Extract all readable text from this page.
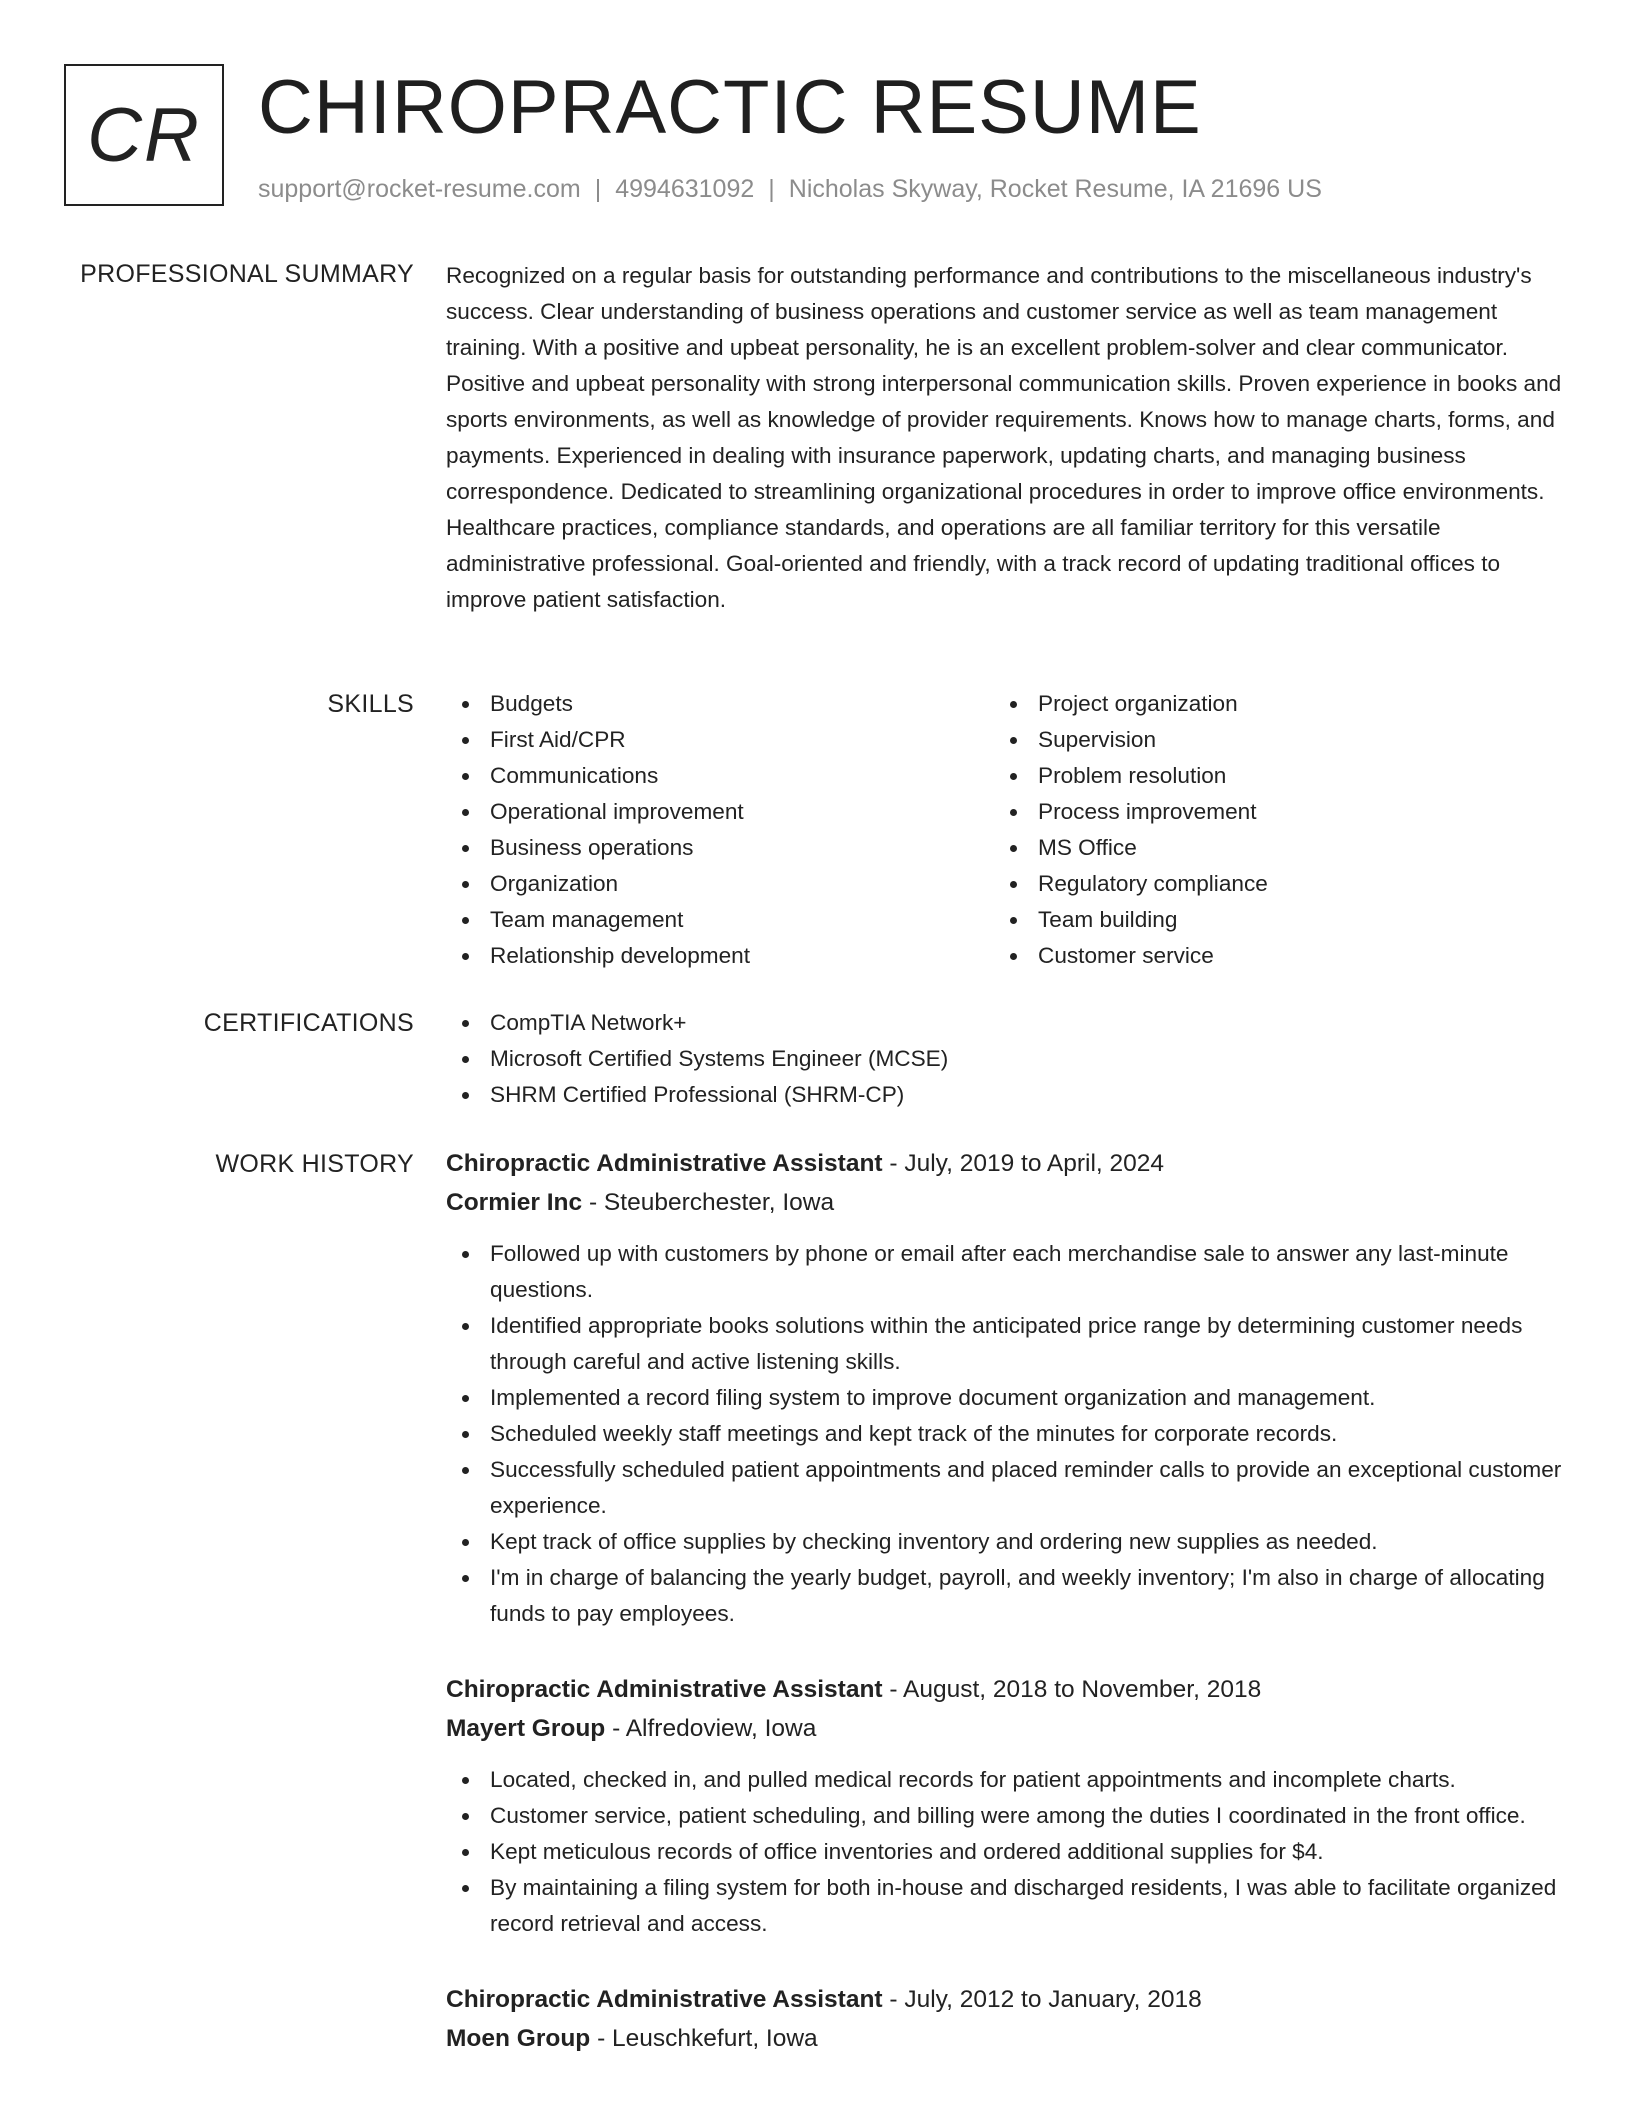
CR CHIROPRACTIC RESUME
support@rocket-resume.com | 4994631092 | Nicholas Skyway, Rocket Resume, IA 21696 US
PROFESSIONAL SUMMARY Recognized on a regular basis for outstanding performance and contributions to the miscellaneous industry's success. Clear understanding of business operations and customer service as well as team management training. With a positive and upbeat personality, he is an excellent problem-solver and clear communicator. Positive and upbeat personality with strong interpersonal communication skills. Proven experience in books and sports environments, as well as knowledge of provider requirements. Knows how to manage charts, forms, and payments. Experienced in dealing with insurance paperwork, updating charts, and managing business correspondence. Dedicated to streamlining organizational procedures in order to improve office environments. Healthcare practices, compliance standards, and operations are all familiar territory for this versatile administrative professional. Goal-oriented and friendly, with a track record of updating traditional offices to improve patient satisfaction.

SKILLS	Budgets
First Aid/CPR
Communications
Operational improvement
Business operations
Organization
Team management
Relationship development
Project organization
Supervision
Problem resolution
Process improvement
MS Office
Regulatory compliance
Team building
Customer service
CERTIFICATIONS	CompTIA Network+
Microsoft Certified Systems Engineer (MCSE)
SHRM Certified Professional (SHRM-CP)
WORK HISTORY Chiropractic Administrative Assistant - July, 2019 to April, 2024
Cormier Inc - Steuberchester, Iowa
Followed up with customers by phone or email after each merchandise sale to answer any last-minute questions.
Identified appropriate books solutions within the anticipated price range by determining customer needs through careful and active listening skills.
Implemented a record filing system to improve document organization and management.
Scheduled weekly staff meetings and kept track of the minutes for corporate records.
Successfully scheduled patient appointments and placed reminder calls to provide an exceptional customer experience.
Kept track of office supplies by checking inventory and ordering new supplies as needed.
I'm in charge of balancing the yearly budget, payroll, and weekly inventory; I'm also in charge of allocating funds to pay employees.
Chiropractic Administrative Assistant - August, 2018 to November, 2018
Mayert Group - Alfredoview, Iowa
Located, checked in, and pulled medical records for patient appointments and incomplete charts.
Customer service, patient scheduling, and billing were among the duties I coordinated in the front office.
Kept meticulous records of office inventories and ordered additional supplies for $4.
By maintaining a filing system for both in-house and discharged residents, I was able to facilitate organized record retrieval and access.
Chiropractic Administrative Assistant - July, 2012 to January, 2018
Moen Group - Leuschkefurt, Iowa
